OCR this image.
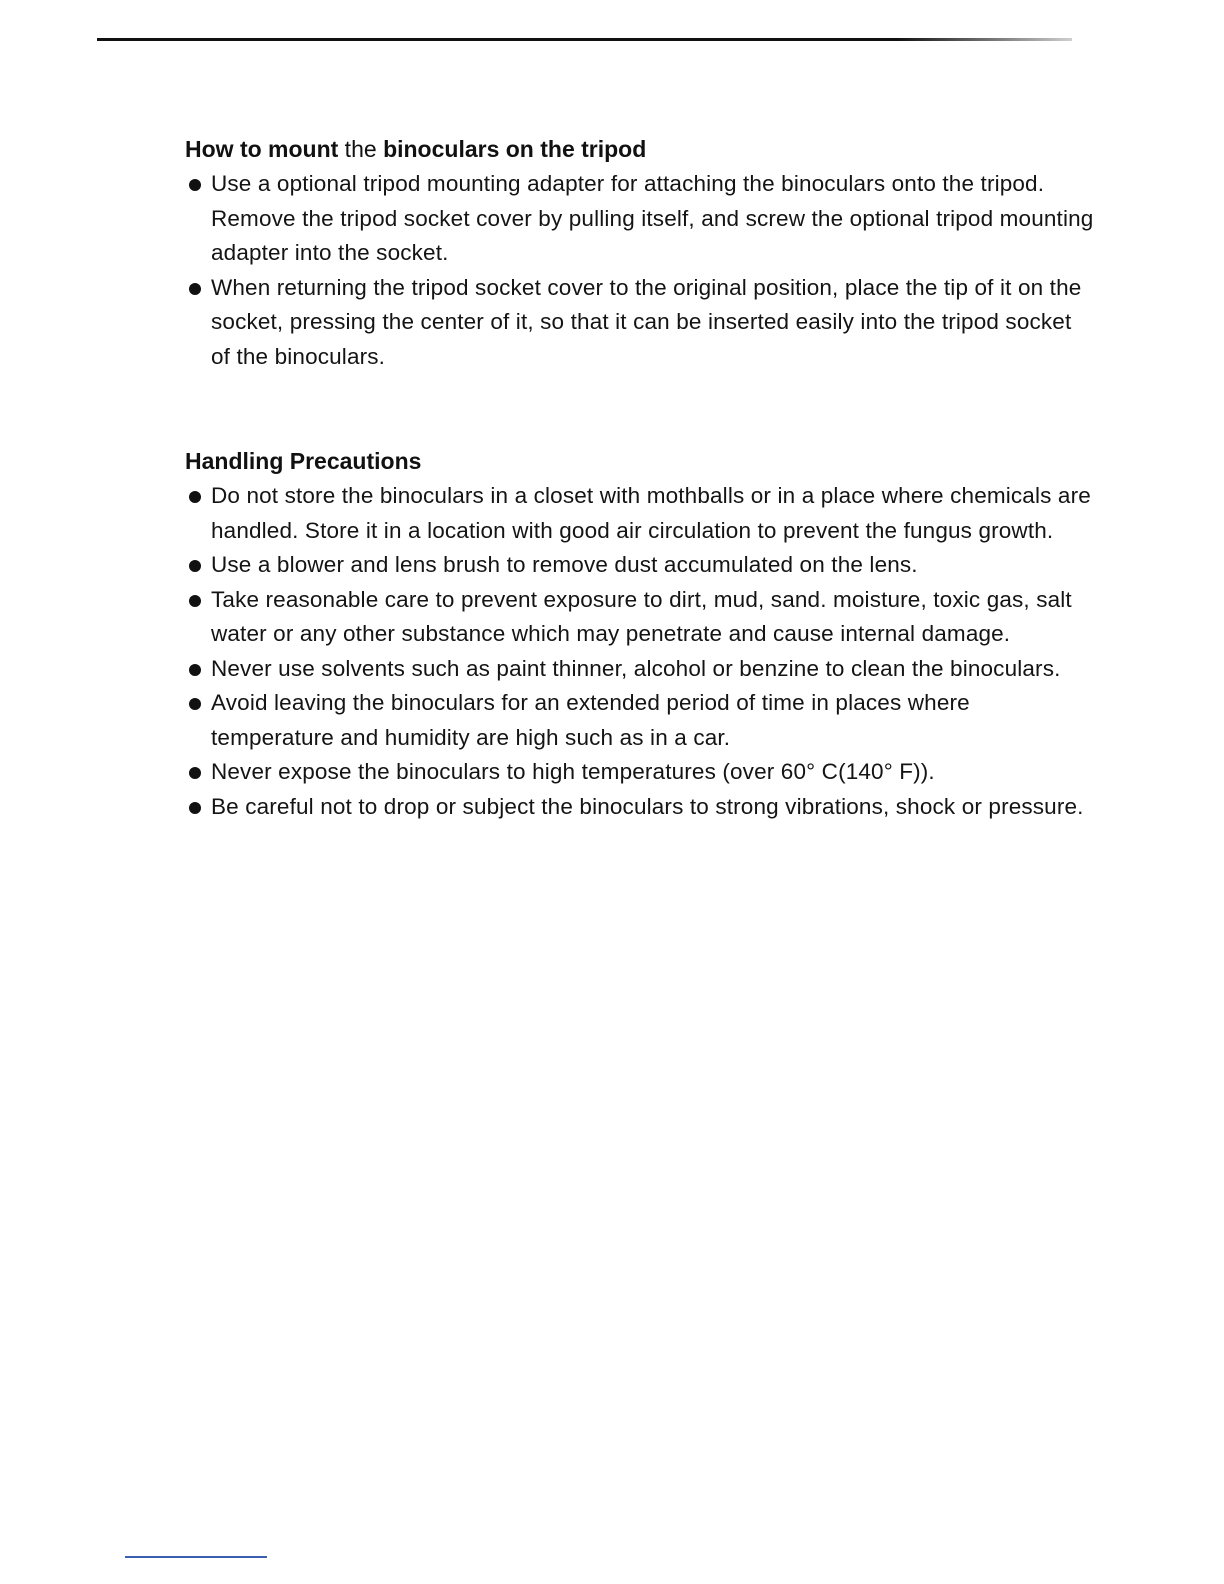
How to mount the binoculars on the tripod

Use a optional tripod mounting adapter for attaching the binoculars onto the tripod.

Remove the tripod socket cover by pulling itself, and screw the optional tripod mounting adapter into the socket.

When returning the tripod socket cover to the original position, place the tip of it on the socket, pressing the center of it, so that it can be inserted easily into the tripod socket of the binoculars.

Handling Precautions
Do not store the binoculars in a closet with mothballs or in a place where chemicals are handled. Store it in a location with good air circulation to prevent the fungus growth.
Use a blower and lens brush to remove dust accumulated on the lens.
Take reasonable care to prevent exposure to dirt, mud, sand. moisture, toxic gas, salt water or any other substance which may penetrate and cause internal damage.
Never use solvents such as paint thinner, alcohol or benzine to clean the binoculars.
Avoid leaving the binoculars for an extended period of time in places where temperature and humidity are high such as in a car.
Never expose the binoculars to high temperatures (over 60° C(140° F)).
Be careful not to drop or subject the binoculars to strong vibrations, shock or pressure.
